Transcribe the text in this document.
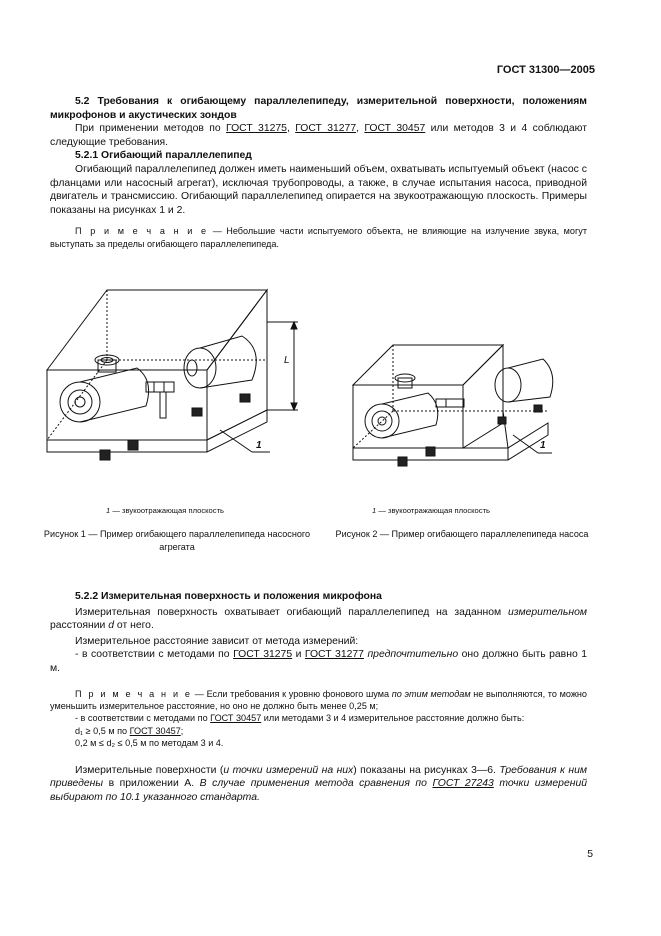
ГОСТ 31300—2005

5.2 Требования к огибающему параллелепипеду, измерительной поверхности, положениям микрофонов и акустических зондов

При применении методов по ГОСТ 31275, ГОСТ 31277, ГОСТ 30457 или методов 3 и 4 соблюдают следующие требования.

5.2.1 Огибающий параллелепипед

Огибающий параллелепипед должен иметь наименьший объем, охватывать испытуемый объект (насос с фланцами или насосный агрегат), исключая трубопроводы, а также, в случае испытания насоса, приводной двигатель и трансмиссию. Огибающий параллелепипед опирается на звукоотражающую плоскость. Примеры показаны на рисунках 1 и 2.

П р и м е ч а н и е — Небольшие части испытуемого объекта, не влияющие на излучение звука, могут выступать за пределы огибающего параллелепипеда.

L
1
1 — звукоотражающая плоскость
Рисунок 1 — Пример огибающего параллелепипеда насосного агрегата
1
1 — звукоотражающая плоскость
Рисунок 2 — Пример огибающего параллелепипеда насоса

5.2.2 Измерительная поверхность и положения микрофона

Измерительная поверхность охватывает огибающий параллелепипед на заданном измерительном расстоянии d от него.

Измерительное расстояние зависит от метода измерений:

- в соответствии с методами по ГОСТ 31275 и ГОСТ 31277 предпочтительно оно должно быть равно 1 м.

П р и м е ч а н и е — Если требования к уровню фонового шума по этим методам не выполняются, то можно уменьшить измерительное расстояние, но оно не должно быть менее 0,25 м;

- в соответствии с методами по ГОСТ 30457 или методами 3 и 4 измерительное расстояние должно быть:

d₁ ≥ 0,5 м по ГОСТ 30457;

0,2 м ≤ d₂ ≤ 0,5 м по методам 3 и 4.

Измерительные поверхности (и точки измерений на них) показаны на рисунках 3—6. Требования к ним приведены в приложении А. В случае применения метода сравнения по ГОСТ 27243 точки измерений выбирают по 10.1 указанного стандарта.

5
